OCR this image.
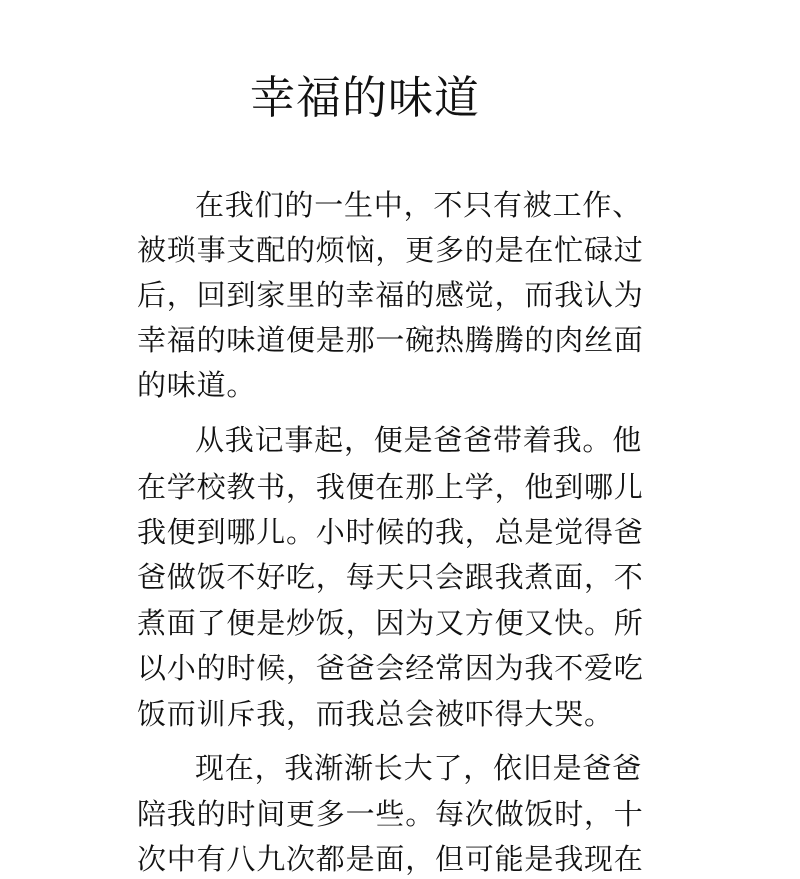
幸福的味道

在我们的一生中，不只有被工作、

被琐事支配的烦恼，更多的是在忙碌过

后，回到家里的幸福的感觉，而我认为

幸福的味道便是那一碗热腾腾的肉丝面

的味道。

从我记事起，便是爸爸带着我。他

在学校教书，我便在那上学，他到哪儿

我便到哪儿。小时候的我，总是觉得爸

爸做饭不好吃，每天只会跟我煮面，不

煮面了便是炒饭，因为又方便又快。所

以小的时候，爸爸会经常因为我不爱吃

饭而训斥我，而我总会被吓得大哭。

现在，我渐渐长大了，依旧是爸爸

陪我的时间更多一些。每次做饭时，十

次中有八九次都是面，但可能是我现在
